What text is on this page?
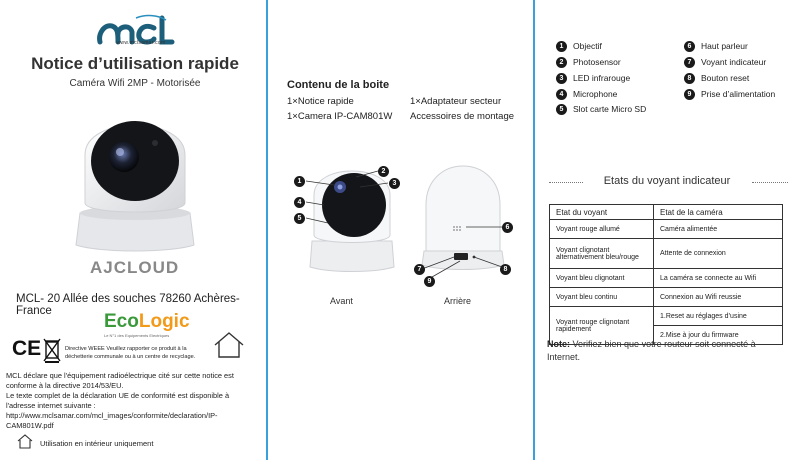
www.mclsamar.com
Notice d’utilisation rapide
Caméra Wifi 2MP - Motorisée
AJCLOUD
MCL- 20 Allée des souches 78260 Achères-France	EcoLogic
Le N°1 des Equipements Electriques
CE	Directive WEEE Veuillez rapporter ce produit à la déchetterie communale ou à un centre de recyclage.
MCL déclare que l'équipement radioélectrique cité sur cette notice est
conforme à la directive 2014/53/EU.
Le texte complet de la déclaration UE de conformité est disponible à
l'adresse internet suivante :
http://www.mclsamar.com/mcl_images/conformite/declaration/IP-CAM801W.pdf
Utilisation en intérieur uniquement
Contenu de la boite
1×Notice rapide	1×Adaptateur secteur
1×Camera IP-CAM801W Accessoires de montage
1
2
3
4
5
Avant
6
7	8
9
Arrière
1 Objectif
2 Photosensor
3 LED infrarouge
4 Microphone
5 Slot carte Micro SD
6 Haut parleur
7 Voyant indicateur
8 Bouton reset
9 Prise d’alimentation
Etats du voyant indicateur
Etat du voyant	Etat de la caméra
Voyant rouge allumé	Caméra alimentée
Voyant clignotant alternativement bleu/rouge	Attente de connexion
Voyant bleu clignotant	La caméra se connecte au Wifi
Voyant bleu continu	Connexion au Wifi reussie
Voyant rouge clignotant rapidement	1.Reset au réglages d’usine
	2.Mise à jour du firmware
Note: Verifiez bien que votre routeur soit connecté à Internet.
